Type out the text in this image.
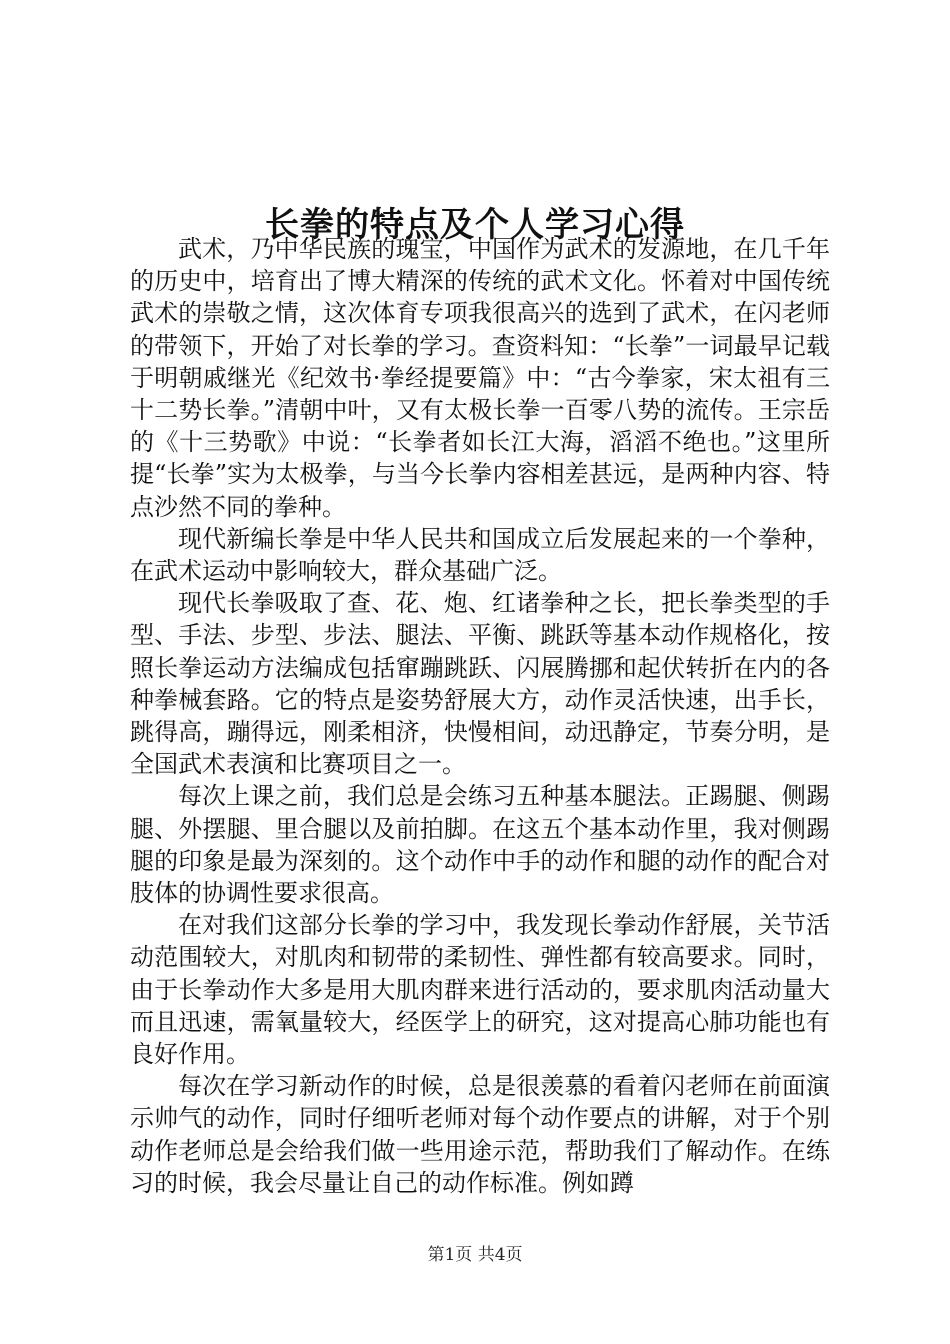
长拳的特点及个人学习心得

武术，乃中华民族的瑰宝，中国作为武术的发源地，在几千年的历史中，培育出了博大精深的传统的武术文化。怀着对中国传统武术的崇敬之情，这次体育专项我很高兴的选到了武术，在闪老师的带领下，开始了对长拳的学习。查资料知：“长拳”一词最早记载于明朝戚继光《纪效书·拳经提要篇》中：“古今拳家，宋太祖有三十二势长拳。”清朝中叶，又有太极长拳一百零八势的流传。王宗岳的《十三势歌》中说：“长拳者如长江大海，滔滔不绝也。”这里所提“长拳”实为太极拳，与当今长拳内容相差甚远，是两种内容、特点沙然不同的拳种。

现代新编长拳是中华人民共和国成立后发展起来的一个拳种，在武术运动中影响较大，群众基础广泛。

现代长拳吸取了查、花、炮、红诸拳种之长，把长拳类型的手型、手法、步型、步法、腿法、平衡、跳跃等基本动作规格化，按照长拳运动方法编成包括窜蹦跳跃、闪展腾挪和起伏转折在内的各种拳械套路。它的特点是姿势舒展大方，动作灵活快速，出手长，跳得高，蹦得远，刚柔相济，快慢相间，动迅静定，节奏分明，是全国武术表演和比赛项目之一。

每次上课之前，我们总是会练习五种基本腿法。正踢腿、侧踢腿、外摆腿、里合腿以及前拍脚。在这五个基本动作里，我对侧踢腿的印象是最为深刻的。这个动作中手的动作和腿的动作的配合对肢体的协调性要求很高。

在对我们这部分长拳的学习中，我发现长拳动作舒展，关节活动范围较大，对肌肉和韧带的柔韧性、弹性都有较高要求。同时，由于长拳动作大多是用大肌肉群来进行活动的，要求肌肉活动量大而且迅速，需氧量较大，经医学上的研究，这对提高心肺功能也有良好作用。

每次在学习新动作的时候，总是很羡慕的看着闪老师在前面演示帅气的动作，同时仔细听老师对每个动作要点的讲解，对于个别动作老师总是会给我们做一些用途示范，帮助我们了解动作。在练习的时候，我会尽量让自己的动作标准。例如蹲

第1页 共4页
